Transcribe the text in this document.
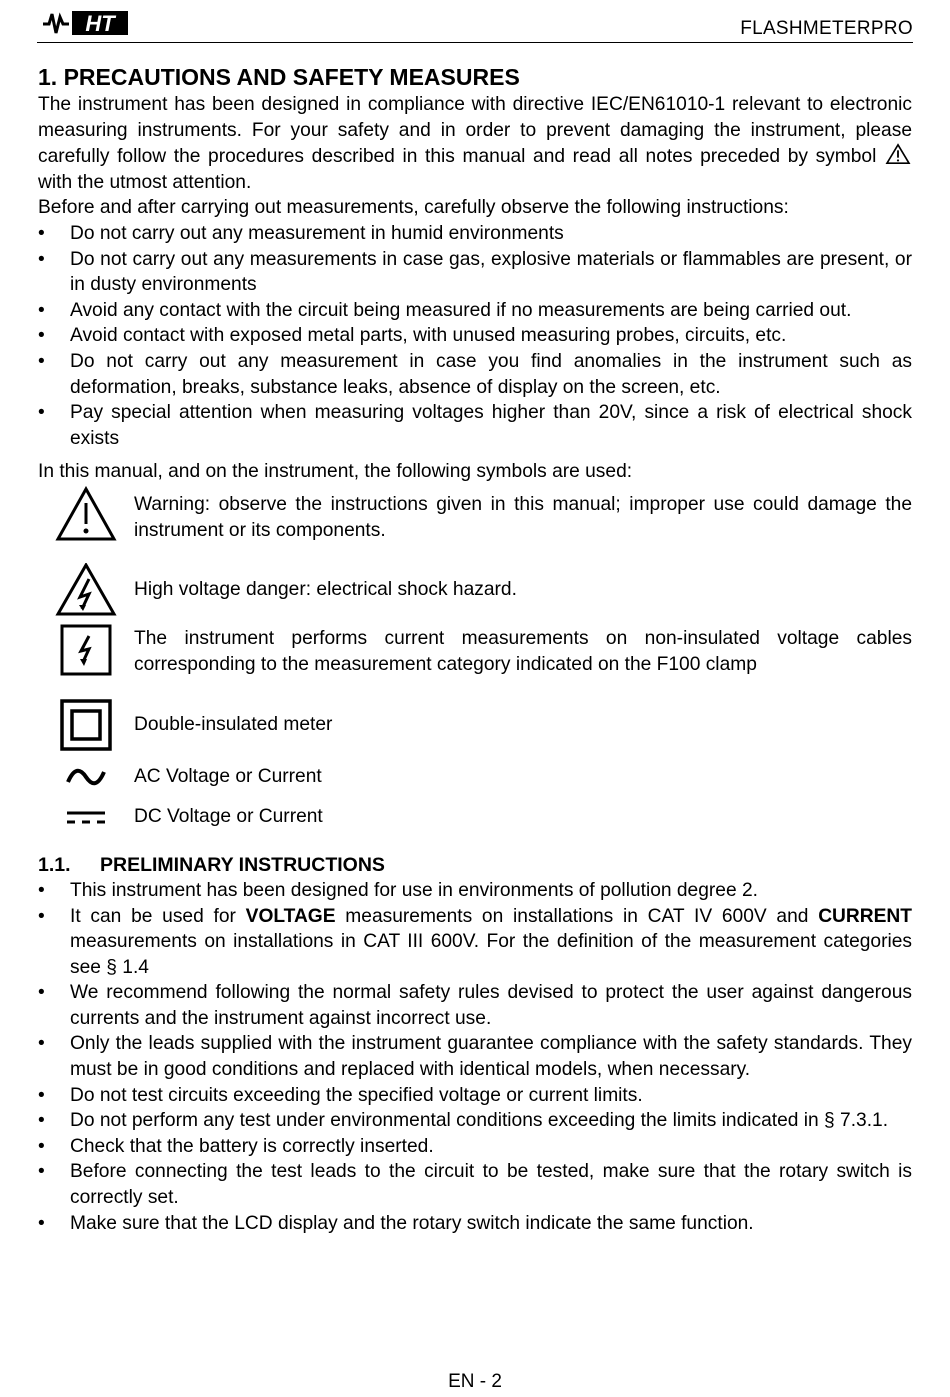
HT	FLASHMETERPRO
1. PRECAUTIONS AND SAFETY MEASURES

The instrument has been designed in compliance with directive IEC/EN61010-1 relevant to electronic measuring instruments. For your safety and in order to prevent damaging the instrument, please carefully follow the procedures described in this manual and read all notes preceded by symbol  with the utmost attention.

Before and after carrying out measurements, carefully observe the following instructions:

• Do not carry out any measurement in humid environments
• Do not carry out any measurements in case gas, explosive materials or flammables are present, or in dusty environments
• Avoid any contact with the circuit being measured if no measurements are being carried out.
• Avoid contact with exposed metal parts, with unused measuring probes, circuits, etc.
• Do not carry out any measurement in case you find anomalies in the instrument such as deformation, breaks, substance leaks, absence of display on the screen, etc.
• Pay special attention when measuring voltages higher than 20V, since a risk of electrical shock exists

In this manual, and on the instrument, the following symbols are used:

Warning: observe the instructions given in this manual; improper use could damage the instrument or its components.
High voltage danger: electrical shock hazard.
The instrument performs current measurements on non-insulated voltage cables corresponding to the measurement category indicated on the F100 clamp
Double-insulated meter
AC Voltage or Current
DC Voltage or Current
1.1. PRELIMINARY INSTRUCTIONS
• This instrument has been designed for use in environments of pollution degree 2.
• It can be used for VOLTAGE measurements on installations in CAT IV 600V and CURRENT measurements on installations in CAT III 600V. For the definition of the measurement categories see § 1.4
• We recommend following the normal safety rules devised to protect the user against dangerous currents and the instrument against incorrect use.
• Only the leads supplied with the instrument guarantee compliance with the safety standards. They must be in good conditions and replaced with identical models, when necessary.
• Do not test circuits exceeding the specified voltage or current limits.
• Do not perform any test under environmental conditions exceeding the limits indicated in § 7.3.1.
• Check that the battery is correctly inserted.
• Before connecting the test leads to the circuit to be tested, make sure that the rotary switch is correctly set.
• Make sure that the LCD display and the rotary switch indicate the same function.
EN - 2
